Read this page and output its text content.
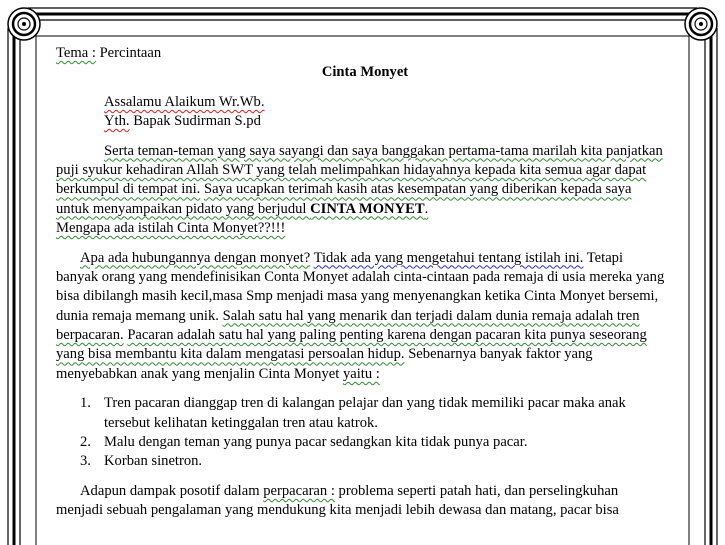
Tema : Percintaan
Cinta Monyet
Assalamu Alaikum Wr.Wb.
Yth. Bapak Sudirman S.pd
Serta teman-teman yang saya sayangi dan saya banggakan pertama-tama marilah kita panjatkan
puji syukur kehadiran Allah SWT yang telah melimpahkan hidayahnya kepada kita semua agar dapat
berkumpul di tempat ini. Saya ucapkan terimah kasih atas kesempatan yang diberikan kepada saya
untuk menyampaikan pidato yang berjudul CINTA MONYET.
Mengapa ada istilah Cinta Monyet??!!!
Apa ada hubungannya dengan monyet? Tidak ada yang mengetahui tentang istilah ini. Tetapi
banyak orang yang mendefinisikan Conta Monyet adalah cinta-cintaan pada remaja di usia mereka yang
bisa dibilangh masih kecil,masa Smp menjadi masa yang menyenangkan ketika Cinta Monyet bersemi,
dunia remaja memang unik. Salah satu hal yang menarik dan terjadi dalam dunia remaja adalah tren
berpacaran. Pacaran adalah satu hal yang paling penting karena dengan pacaran kita punya seseorang
yang bisa membantu kita dalam mengatasi persoalan hidup. Sebenarnya banyak faktor yang
menyebabkan anak yang menjalin Cinta Monyet yaitu :
1. Tren pacaran dianggap tren di kalangan pelajar dan yang tidak memiliki pacar maka anak
tersebut kelihatan ketinggalan tren atau katrok.
2. Malu dengan teman yang punya pacar sedangkan kita tidak punya pacar.
3. Korban sinetron.
Adapun dampak posotif dalam perpacaran : problema seperti patah hati, dan perselingkuhan
menjadi sebuah pengalaman yang mendukung kita menjadi lebih dewasa dan matang, pacar bisa
